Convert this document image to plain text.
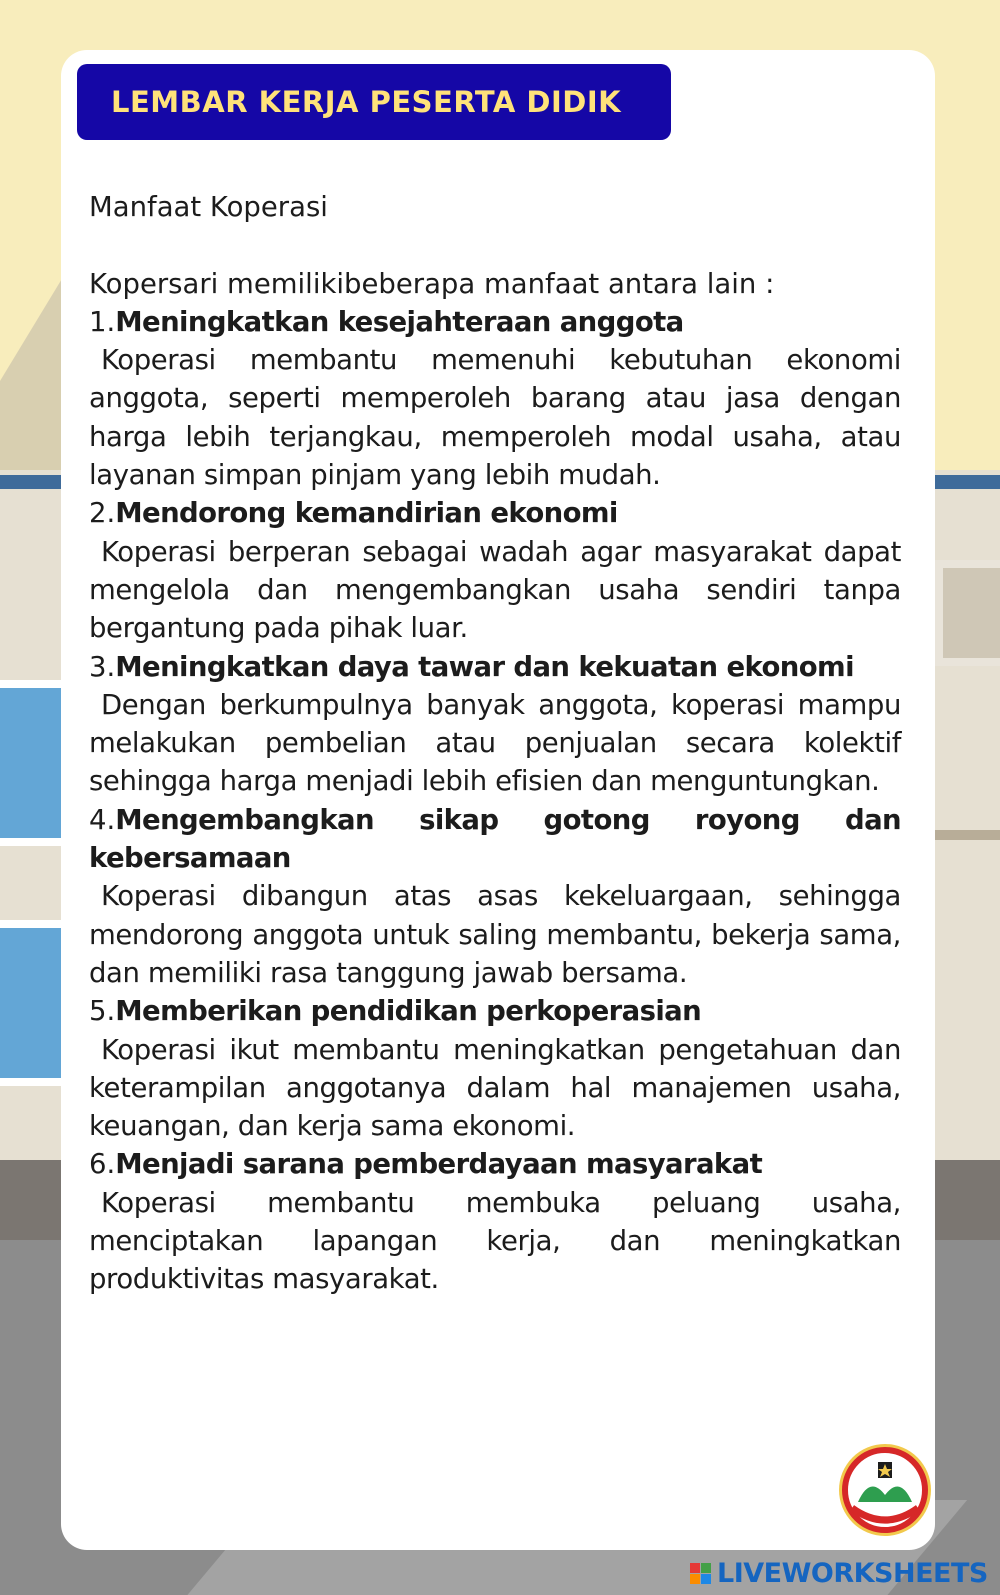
LEMBAR KERJA PESERTA DIDIK

Manfaat Koperasi

Kopersari memilikibeberapa manfaat antara lain :

1.Meningkatkan kesejahteraan anggota

Koperasi membantu memenuhi kebutuhan ekonomi anggota, seperti memperoleh barang atau jasa dengan harga lebih terjangkau, memperoleh modal usaha, atau layanan simpan pinjam yang lebih mudah.

2.Mendorong kemandirian ekonomi

Koperasi berperan sebagai wadah agar masyarakat dapat mengelola dan mengembangkan usaha sendiri tanpa bergantung pada pihak luar.

3.Meningkatkan daya tawar dan kekuatan ekonomi

Dengan berkumpulnya banyak anggota, koperasi mampu melakukan pembelian atau penjualan secara kolektif sehingga harga menjadi lebih efisien dan menguntungkan.

4.Mengembangkan sikap gotong royong dan kebersamaan

Koperasi dibangun atas asas kekeluargaan, sehingga mendorong anggota untuk saling membantu, bekerja sama, dan memiliki rasa tanggung jawab bersama.

5.Memberikan pendidikan perkoperasian

Koperasi ikut membantu meningkatkan pengetahuan dan keterampilan anggotanya dalam hal manajemen usaha, keuangan, dan kerja sama ekonomi.

6.Menjadi sarana pemberdayaan masyarakat

Koperasi membantu membuka peluang usaha, menciptakan lapangan kerja, dan meningkatkan produktivitas masyarakat.

LIVEWORKSHEETS
